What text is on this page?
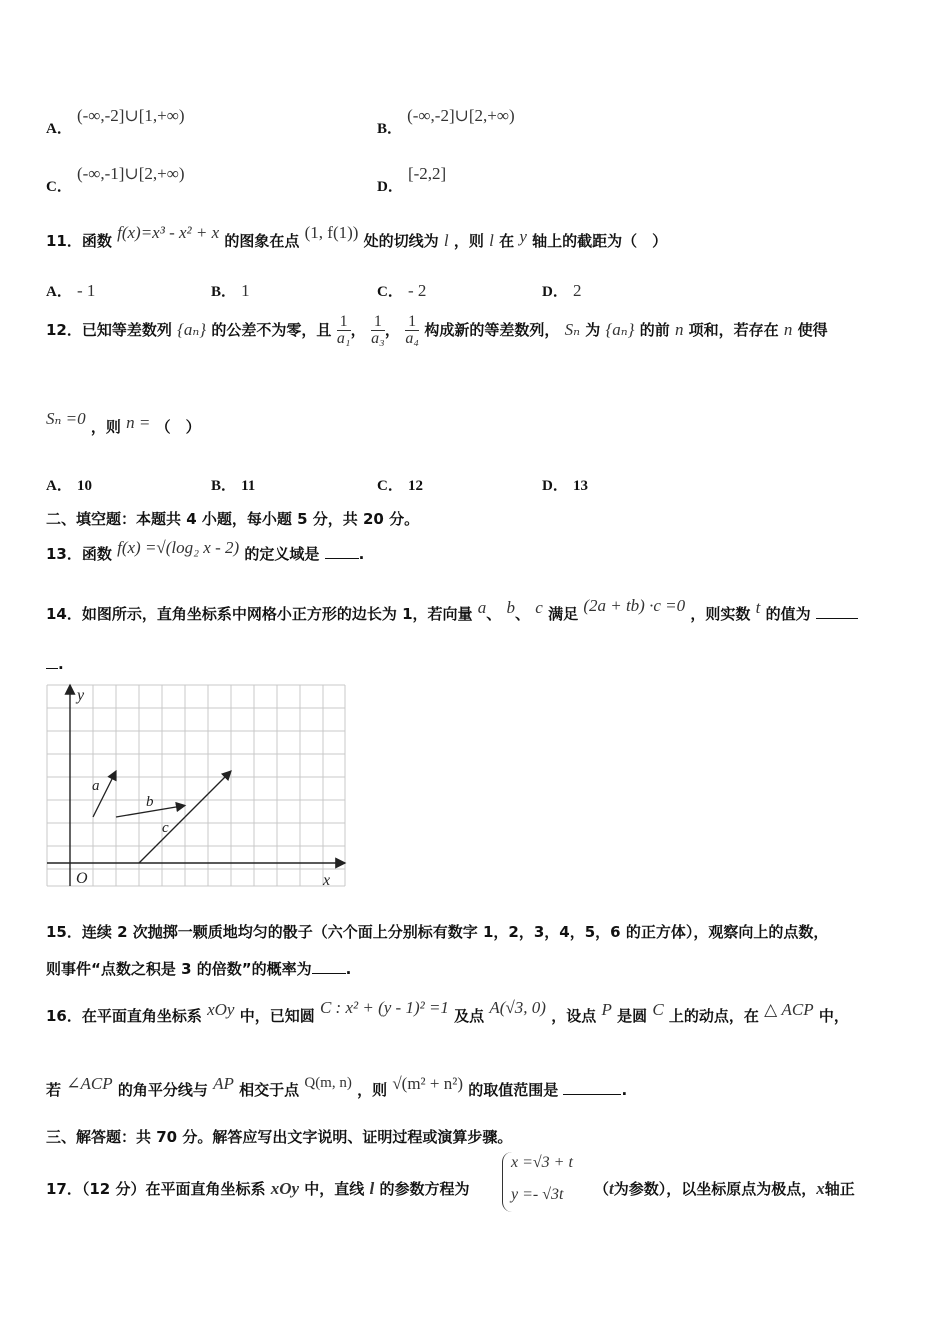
A． (-∞,-2]∪[1,+∞)
B． (-∞,-2]∪[2,+∞)
C． (-∞,-1]∪[2,+∞)
D． [-2,2]
11．函数 f(x)=x³ - x² + x 的图象在点 (1, f(1)) 处的切线为 l ，则 l 在 y 轴上的截距为（　）
A． - 1	B． 1	C． - 2	D． 2
12．已知等差数列 {aₙ} 的公差不为零，且 $\frac{1}{\text{a₁}}$ ， $\frac{1}{\text{a₃}}$ ， $\frac{1}{\text{a₄}}$ 构成新的等差数列， Sₙ 为 {aₙ} 的前 n 项和，若存在 n 使得
Sₙ =0 ，则 n = （　）
A． 10	B． 11	C． 12	D． 13
二、填空题：本题共 4 小题，每小题 5 分，共 20 分。
13．函数 f(x) =√(log₂ x - 2) 的定义域是	.
14．如图所示，直角坐标系中网格小正方形的边长为 1，若向量 a、 b、 c 满足 (2a + tb) ·c =0 ，则实数 t 的值为
.
y
x
O
a
b
c
15．连续 2 次抛掷一颗质地均匀的骰子（六个面上分别标有数字 1，2，3，4，5，6 的正方体），观察向上的点数，
则事件“点数之积是 3 的倍数”的概率为 .
16．在平面直角坐标系 xOy 中，已知圆 C : x² + (y - 1)² =1 及点 A(√3, 0) ，设点 P 是圆 C 上的动点，在 △ ACP 中，
若 ∠ACP 的角平分线与 AP 相交于点 Q(m, n) ，则 √(m² + n²) 的取值范围是	.
三、解答题：共 70 分。解答应写出文字说明、证明过程或演算步骤。
17．（12 分）在平面直角坐标系 xOy 中，直线 l 的参数方程为
x =√3 + t
y =- √3t （t为参数），以坐标原点为极点，x轴正
